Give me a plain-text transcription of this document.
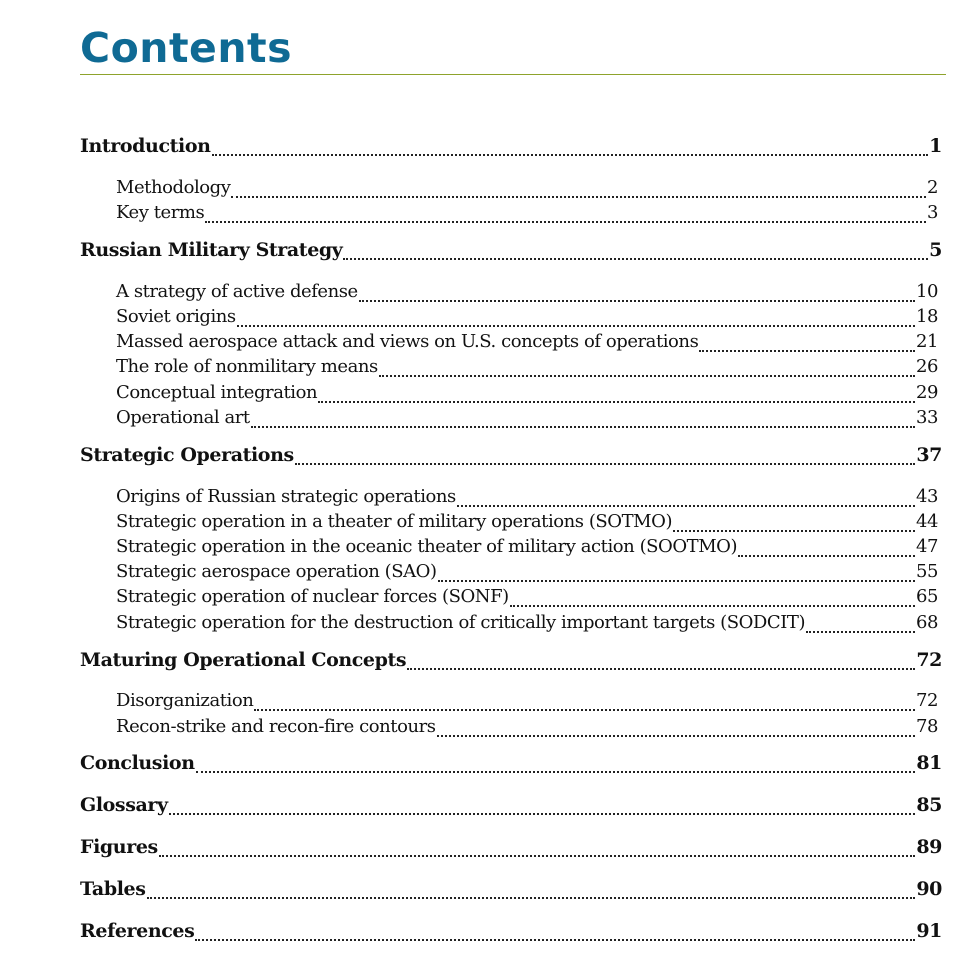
Contents
Introduction	1
Methodology	2
Key terms	3
Russian Military Strategy	5
A strategy of active defense	10
Soviet origins	18
Massed aerospace attack and views on U.S. concepts of operations	21
The role of nonmilitary means	26
Conceptual integration	29
Operational art	33
Strategic Operations	37
Origins of Russian strategic operations	43
Strategic operation in a theater of military operations (SOTMO)	44
Strategic operation in the oceanic theater of military action (SOOTMO)	47
Strategic aerospace operation (SAO)	55
Strategic operation of nuclear forces (SONF)	65
Strategic operation for the destruction of critically important targets (SODCIT)	68
Maturing Operational Concepts	72
Disorganization	72
Recon-strike and recon-fire contours	78
Conclusion	81
Glossary	85
Figures	89
Tables	90
References	91
